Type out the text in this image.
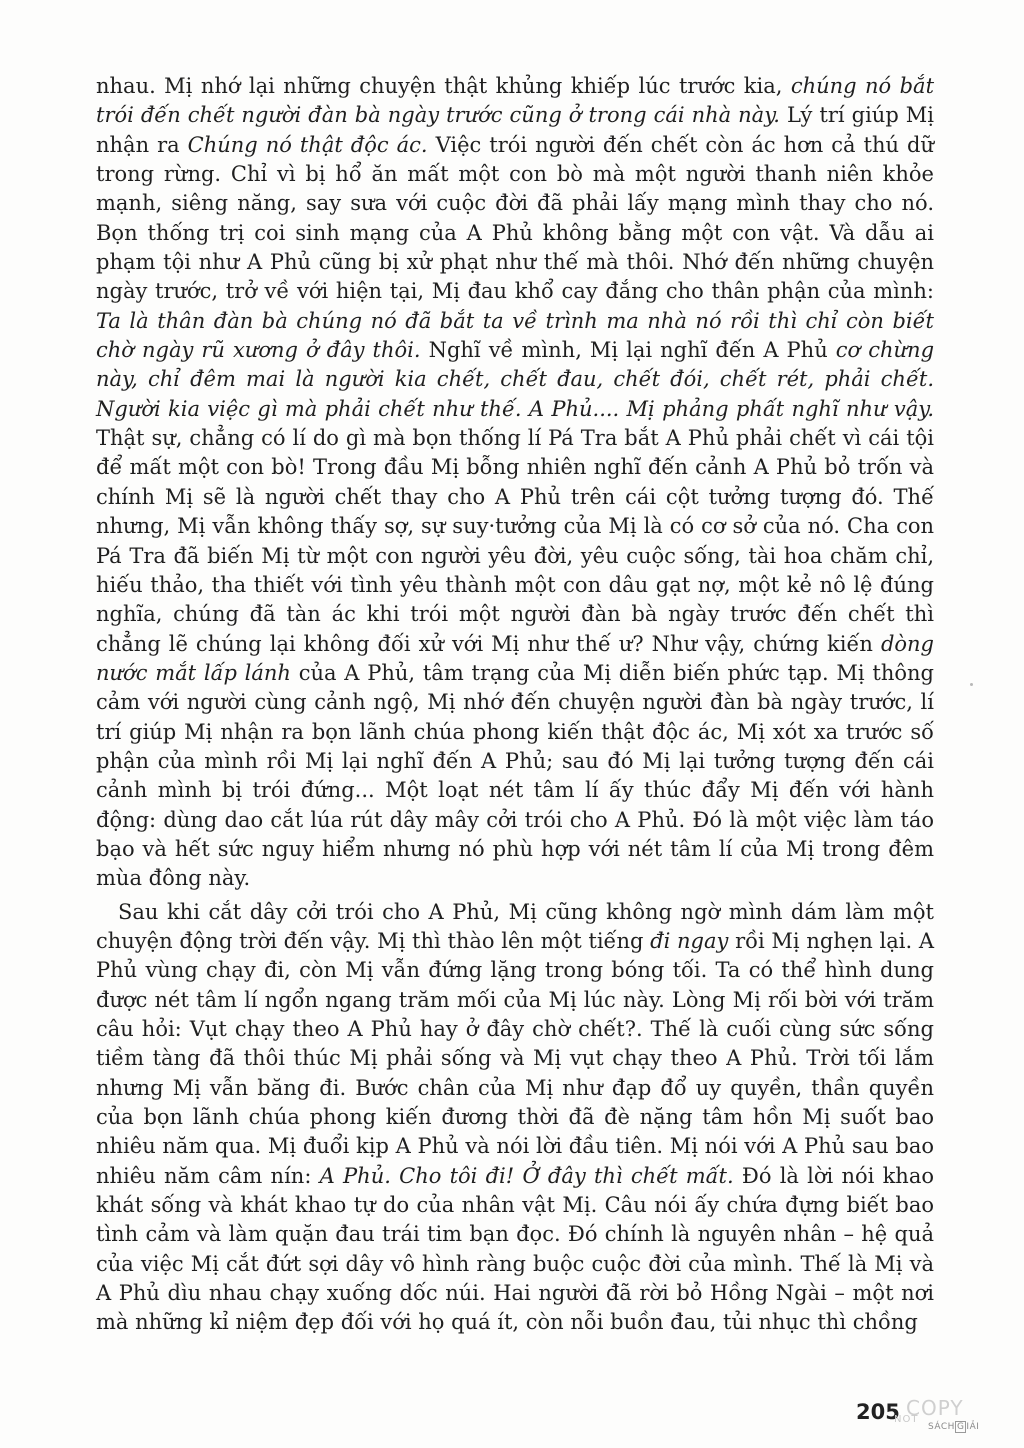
nhau. Mị nhớ lại những chuyện thật khủng khiếp lúc trước kia, chúng nó bắt trói đến chết người đàn bà ngày trước cũng ở trong cái nhà này. Lý trí giúp Mị nhận ra Chúng nó thật độc ác. Việc trói người đến chết còn ác hơn cả thú dữ trong rừng. Chỉ vì bị hổ ăn mất một con bò mà một người thanh niên khỏe mạnh, siêng năng, say sưa với cuộc đời đã phải lấy mạng mình thay cho nó. Bọn thống trị coi sinh mạng của A Phủ không bằng một con vật. Và dẫu ai phạm tội như A Phủ cũng bị xử phạt như thế mà thôi. Nhớ đến những chuyện ngày trước, trở về với hiện tại, Mị đau khổ cay đắng cho thân phận của mình: Ta là thân đàn bà chúng nó đã bắt ta về trình ma nhà nó rồi thì chỉ còn biết chờ ngày rũ xương ở đây thôi. Nghĩ về mình, Mị lại nghĩ đến A Phủ cơ chừng này, chỉ đêm mai là người kia chết, chết đau, chết đói, chết rét, phải chết. Người kia việc gì mà phải chết như thế. A Phủ.... Mị phảng phất nghĩ như vậy. Thật sự, chẳng có lí do gì mà bọn thống lí Pá Tra bắt A Phủ phải chết vì cái tội để mất một con bò! Trong đầu Mị bỗng nhiên nghĩ đến cảnh A Phủ bỏ trốn và chính Mị sẽ là người chết thay cho A Phủ trên cái cột tưởng tượng đó. Thế nhưng, Mị vẫn không thấy sợ, sự suy·tưởng của Mị là có cơ sở của nó. Cha con Pá Tra đã biến Mị từ một con người yêu đời, yêu cuộc sống, tài hoa chăm chỉ, hiếu thảo, tha thiết với tình yêu thành một con dâu gạt nợ, một kẻ nô lệ đúng nghĩa, chúng đã tàn ác khi trói một người đàn bà ngày trước đến chết thì chẳng lẽ chúng lại không đối xử với Mị như thế ư? Như vậy, chứng kiến dòng nước mắt lấp lánh của A Phủ, tâm trạng của Mị diễn biến phức tạp. Mị thông cảm với người cùng cảnh ngộ, Mị nhớ đến chuyện người đàn bà ngày trước, lí trí giúp Mị nhận ra bọn lãnh chúa phong kiến thật độc ác, Mị xót xa trước số phận của mình rồi Mị lại nghĩ đến A Phủ; sau đó Mị lại tưởng tượng đến cái cảnh mình bị trói đứng... Một loạt nét tâm lí ấy thúc đẩy Mị đến với hành động: dùng dao cắt lúa rút dây mây cởi trói cho A Phủ. Đó là một việc làm táo bạo và hết sức nguy hiểm nhưng nó phù hợp với nét tâm lí của Mị trong đêm mùa đông này.

Sau khi cắt dây cởi trói cho A Phủ, Mị cũng không ngờ mình dám làm một chuyện động trời đến vậy. Mị thì thào lên một tiếng đi ngay rồi Mị nghẹn lại. A Phủ vùng chạy đi, còn Mị vẫn đứng lặng trong bóng tối. Ta có thể hình dung được nét tâm lí ngổn ngang trăm mối của Mị lúc này. Lòng Mị rối bời với trăm câu hỏi: Vụt chạy theo A Phủ hay ở đây chờ chết?. Thế là cuối cùng sức sống tiềm tàng đã thôi thúc Mị phải sống và Mị vụt chạy theo A Phủ. Trời tối lắm nhưng Mị vẫn băng đi. Bước chân của Mị như đạp đổ uy quyền, thần quyền của bọn lãnh chúa phong kiến đương thời đã đè nặng tâm hồn Mị suốt bao nhiêu năm qua. Mị đuổi kịp A Phủ và nói lời đầu tiên. Mị nói với A Phủ sau bao nhiêu năm câm nín: A Phủ. Cho tôi đi! Ở đây thì chết mất. Đó là lời nói khao khát sống và khát khao tự do của nhân vật Mị. Câu nói ấy chứa đựng biết bao tình cảm và làm quặn đau trái tim bạn đọc. Đó chính là nguyên nhân – hệ quả của việc Mị cắt đứt sợi dây vô hình ràng buộc cuộc đời của mình. Thế là Mị và A Phủ dìu nhau chạy xuống dốc núi. Hai người đã rời bỏ Hồng Ngài – một nơi mà những kỉ niệm đẹp đối với họ quá ít, còn nỗi buồn đau, tủi nhục thì chồng

205
NOT
COPY
SÁCH G IẢI
